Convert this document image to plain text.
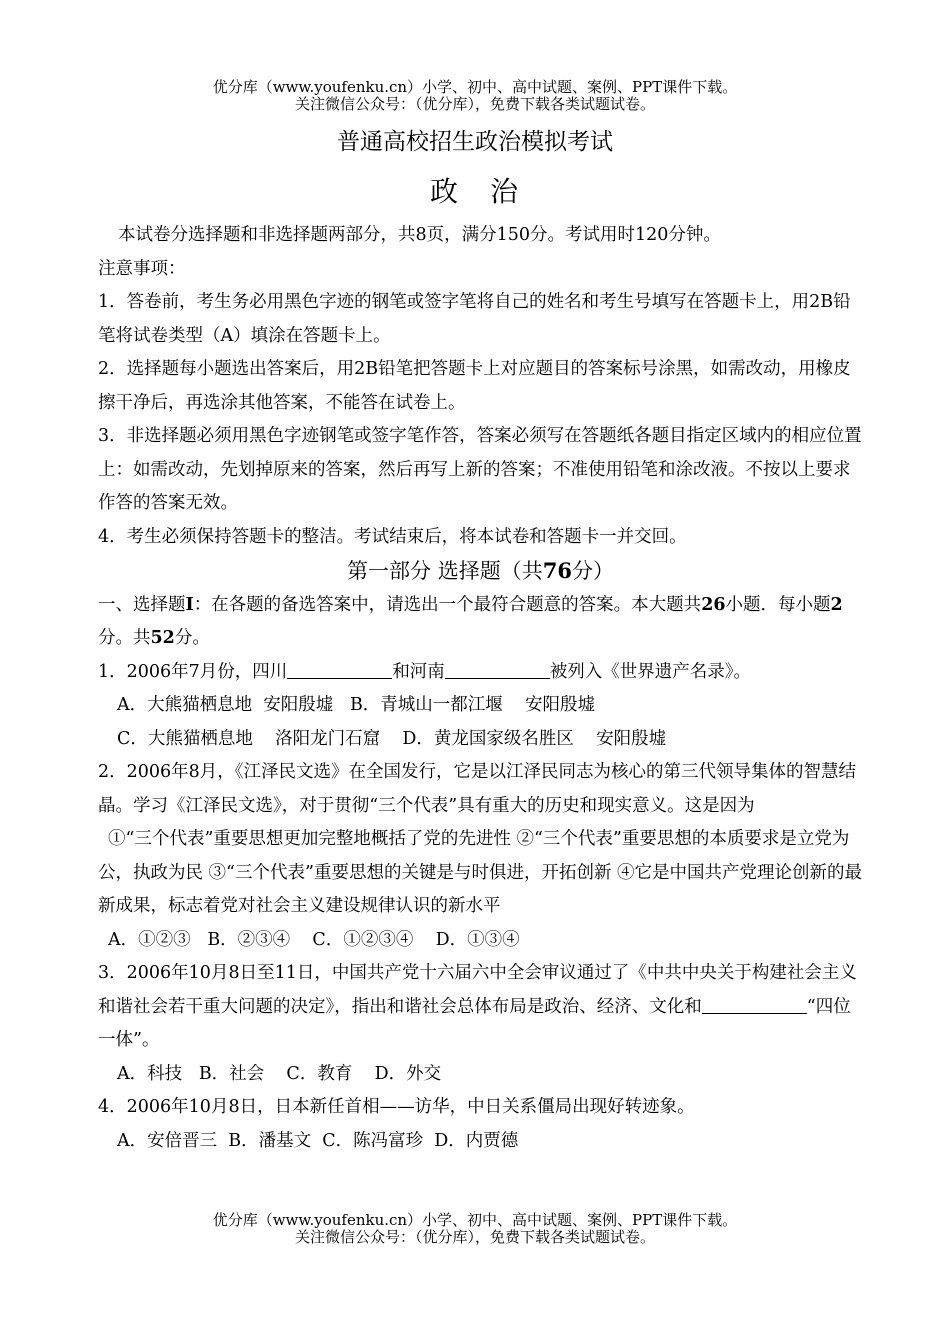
优分库（www.youfenku.cn）小学、初中、高中试题、案例、PPT课件下载。
关注微信公众号：（优分库），免费下载各类试题试卷。
普通高校招生政治模拟考试
政　治

本试卷分选择题和非选择题两部分，共8页，满分150分。考试用时120分钟。

注意事项：

1．答卷前，考生务必用黑色字迹的钢笔或签字笔将自己的姓名和考生号填写在答题卡上，用2B铅笔将试卷类型（A）填涂在答题卡上。

2．选择题每小题选出答案后，用2B铅笔把答题卡上对应题目的答案标号涂黑，如需改动，用橡皮擦干净后，再选涂其他答案，不能答在试卷上。

3．非选择题必须用黑色字迹钢笔或签字笔作答，答案必须写在答题纸各题目指定区域内的相应位置上：如需改动，先划掉原来的答案，然后再写上新的答案；不准使用铅笔和涂改液。不按以上要求作答的答案无效。

4．考生必须保持答题卡的整洁。考试结束后，将本试卷和答题卡一并交回。

第一部分 选择题（共76分）

一、选择题I：在各题的备选答案中，请选出一个最符合题意的答案。本大题共26小题．每小题2分。共52分。

1．2006年7月份，四川	和河南	被列入《世界遗产名录》。

A．大熊猫栖息地  安阳殷墟   B．青城山一都江堰    安阳殷墟

C．大熊猫栖息地    洛阳龙门石窟    D．黄龙国家级名胜区    安阳殷墟

2．2006年8月，《江泽民文选》在全国发行，它是以江泽民同志为核心的第三代领导集体的智慧结晶。学习《江泽民文选》，对于贯彻“三个代表”具有重大的历史和现实意义。这是因为

①“三个代表”重要思想更加完整地概括了党的先进性 ②“三个代表”重要思想的本质要求是立党为公，执政为民 ③“三个代表”重要思想的关键是与时俱进，开拓创新 ④它是中国共产党理论创新的最新成果，标志着党对社会主义建设规律认识的新水平

A．①②③   B．②③④    C．①②③④    D．①③④

3．2006年10月8日至11日，中国共产党十六届六中全会审议通过了《中共中央关于构建社会主义和谐社会若干重大问题的决定》，指出和谐社会总体布局是政治、经济、文化和	“四位一体”。

A．科技   B．社会    C．教育    D．外交

4．2006年10月8日，日本新任首相——访华，中日关系僵局出现好转迹象。

A．安倍晋三  B．潘基文  C．陈冯富珍  D．内贾德

优分库（www.youfenku.cn）小学、初中、高中试题、案例、PPT课件下载。
关注微信公众号：（优分库），免费下载各类试题试卷。
